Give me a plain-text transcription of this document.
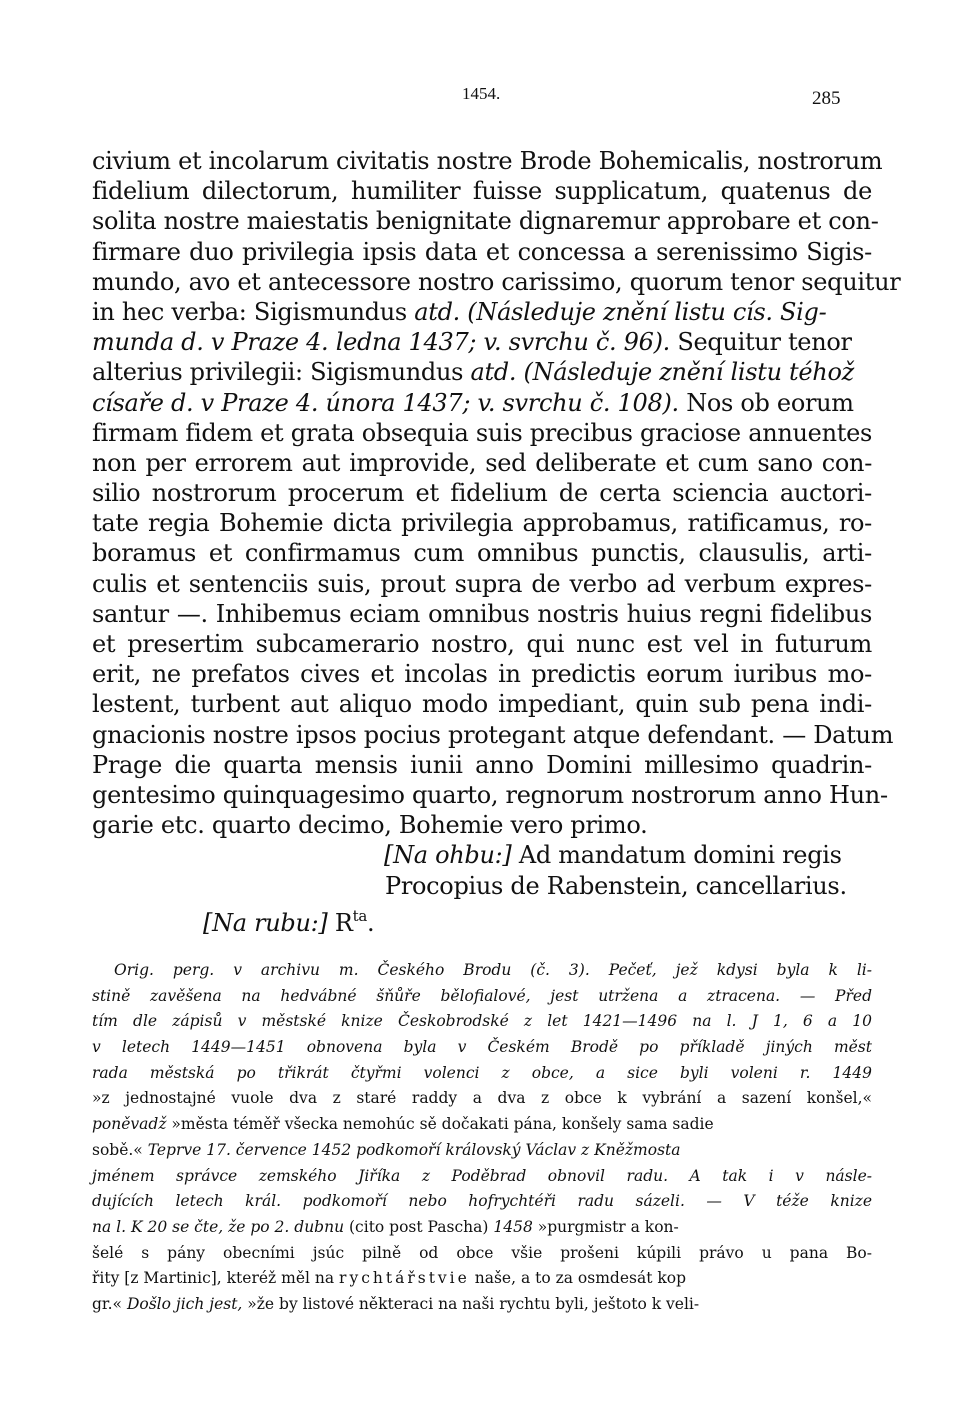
1454.	285
civium et incolarum civitatis nostre Brode Bohemicalis, nostrorum
fidelium dilectorum, humiliter fuisse supplicatum, quatenus de
solita nostre maiestatis benignitate dignaremur approbare et con-
firmare duo privilegia ipsis data et concessa a serenissimo Sigis-
mundo, avo et antecessore nostro carissimo, quorum tenor sequitur
in hec verba: Sigismundus atd. (Následuje znění listu cís. Sig-
munda d. v Praze 4. ledna 1437; v. svrchu č. 96). Sequitur tenor
alterius privilegii: Sigismundus atd. (Následuje znění listu téhož
císaře d. v Praze 4. února 1437; v. svrchu č. 108). Nos ob eorum
firmam fidem et grata obsequia suis precibus graciose annuentes
non per errorem aut improvide, sed deliberate et cum sano con-
silio nostrorum procerum et fidelium de certa sciencia auctori-
tate regia Bohemie dicta privilegia approbamus, ratificamus, ro-
boramus et confirmamus cum omnibus punctis, clausulis, arti-
culis et sentenciis suis, prout supra de verbo ad verbum expres-
santur —. Inhibemus eciam omnibus nostris huius regni fidelibus
et presertim subcamerario nostro, qui nunc est vel in futurum
erit, ne prefatos cives et incolas in predictis eorum iuribus mo-
lestent, turbent aut aliquo modo impediant, quin sub pena indi-
gnacionis nostre ipsos pocius protegant atque defendant. — Datum
Prage die quarta mensis iunii anno Domini millesimo quadrin-
gentesimo quinquagesimo quarto, regnorum nostrorum anno Hun-
garie etc. quarto decimo, Bohemie vero primo.
[Na ohbu:] Ad mandatum domini regis
Procopius de Rabenstein, cancellarius.
[Na rubu:] $R^{ta}$.
Orig. perg. v archivu m. Českého Brodu (č. 3). Pečeť, jež kdysi byla k li-
stině zavěšena na hedvábné šňůře bělofialové, jest utržena a ztracena. — Před
tím dle zápisů v městské knize Českobrodské z let 1421—1496 na l. J 1, 6 a 10
v letech 1449—1451 obnovena byla v Českém Brodě po příkladě jiných měst
rada městská po třikrát čtyřmi volenci z obce, a sice byli voleni r. 1449
»z jednostajné vuole dva z staré raddy a dva z obce k vybrání a sazení konšel,«
poněvadž »města téměř všecka nemohúc sě dočakati pána, konšely sama sadie
sobě.« Teprve 17. července 1452 podkomoří královský Václav z Kněžmosta
jménem správce zemského Jiříka z Poděbrad obnovil radu. A tak i v násle-
dujících letech král. podkomoří nebo hofrychtéři radu sázeli. — V téže knize
na l. K 20 se čte, že po 2. dubnu (cito post Pascha) 1458 »purgmistr a kon-
šelé s pány obecními jsúc pilně od obce všie prošeni kúpili právo u pana Bo-
řity [z Martinic], kteréž měl na rychtářstvie naše, a to za osmdesát kop
gr.« Došlo jich jest, »že by listové některaci na naši rychtu byli, ještoto k veli-
